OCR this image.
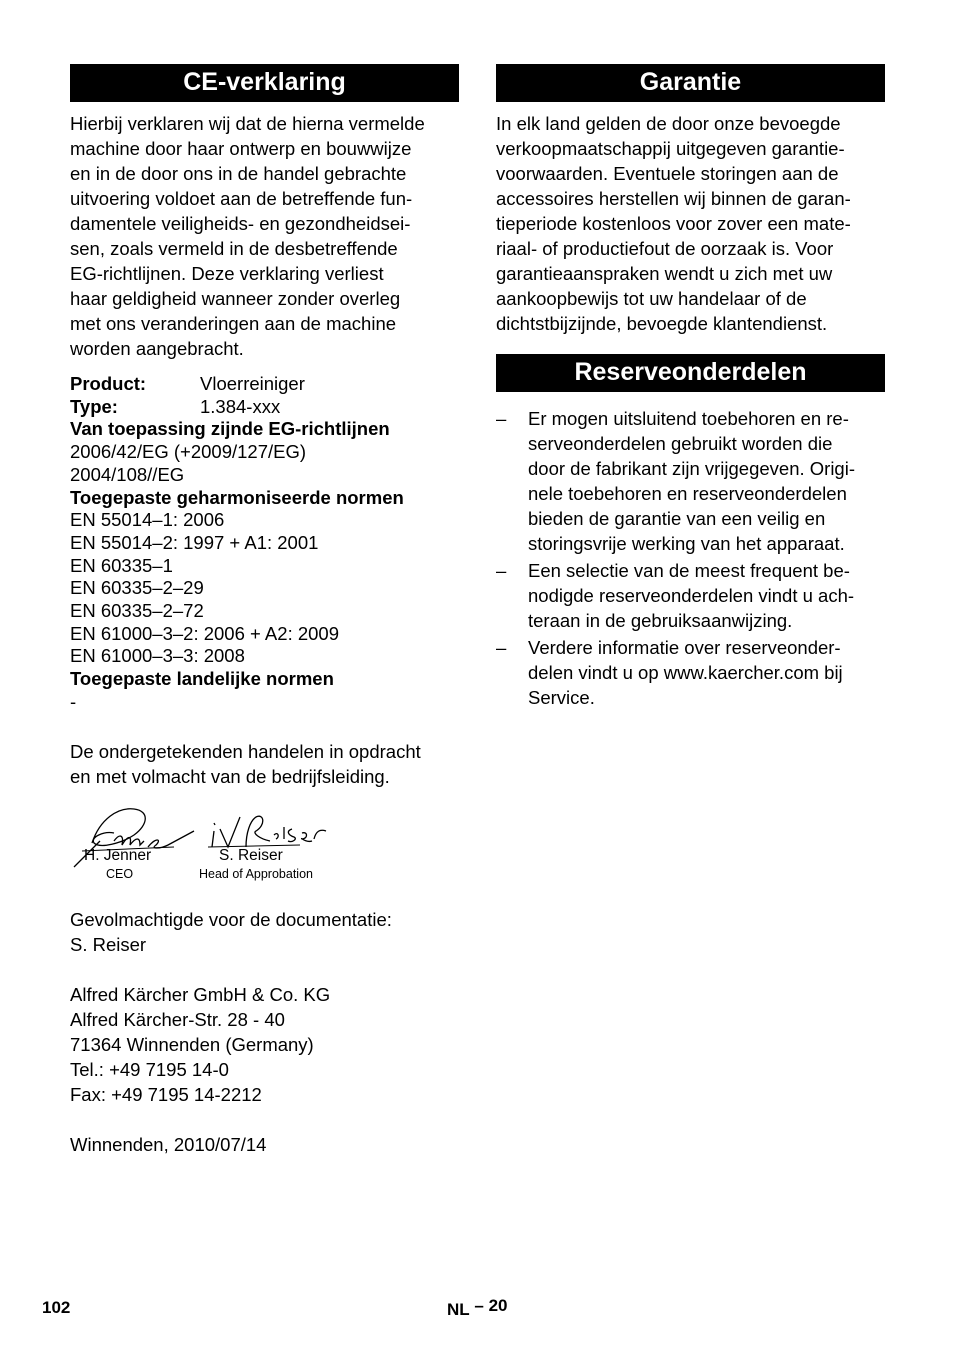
CE-verklaring
Hierbij verklaren wij dat de hierna vermelde
machine door haar ontwerp en bouwwijze
en in de door ons in de handel gebrachte
uitvoering voldoet aan de betreffende fun-
damentele veiligheids- en gezondheidsei-
sen, zoals vermeld in de desbetreffende
EG-richtlijnen. Deze verklaring verliest
haar geldigheid wanneer zonder overleg
met ons veranderingen aan de machine
worden aangebracht.
Product:	Vloerreiniger
Type:	1.384-xxx
Van toepassing zijnde EG-richtlijnen
2006/42/EG (+2009/127/EG)
2004/108//EG
Toegepaste geharmoniseerde normen
EN 55014–1: 2006
EN 55014–2: 1997 + A1: 2001
EN 60335–1
EN 60335–2–29
EN 60335–2–72
EN 61000–3–2: 2006 + A2: 2009
EN 61000–3–3: 2008
Toegepaste landelijke normen
-
De ondergetekenden handelen in opdracht
en met volmacht van de bedrijfsleiding.
H. Jenner
CEO
S. Reiser
Head of Approbation
Gevolmachtigde voor de documentatie:
S. Reiser
Alfred Kärcher GmbH & Co. KG
Alfred Kärcher-Str. 28 - 40
71364 Winnenden (Germany)
Tel.: +49 7195 14-0
Fax: +49 7195 14-2212
Winnenden, 2010/07/14
Garantie
In elk land gelden de door onze bevoegde
verkoopmaatschappij uitgegeven garantie-
voorwaarden. Eventuele storingen aan de
accessoires herstellen wij binnen de garan-
tieperiode kostenloos voor zover een mate-
riaal- of productiefout de oorzaak is. Voor
garantieaanspraken wendt u zich met uw
aankoopbewijs tot uw handelaar of de
dichtstbijzijnde, bevoegde klantendienst.
Reserveonderdelen
– Er mogen uitsluitend toebehoren en re-
serveonderdelen gebruikt worden die
door de fabrikant zijn vrijgegeven. Origi-
nele toebehoren en reserveonderdelen
bieden de garantie van een veilig en
storingsvrije werking van het apparaat.
– Een selectie van de meest frequent be-
nodigde reserveonderdelen vindt u ach-
teraan in de gebruiksaanwijzing.
– Verdere informatie over reserveonder-
delen vindt u op www.kaercher.com bij
Service.
102	NL – 20
